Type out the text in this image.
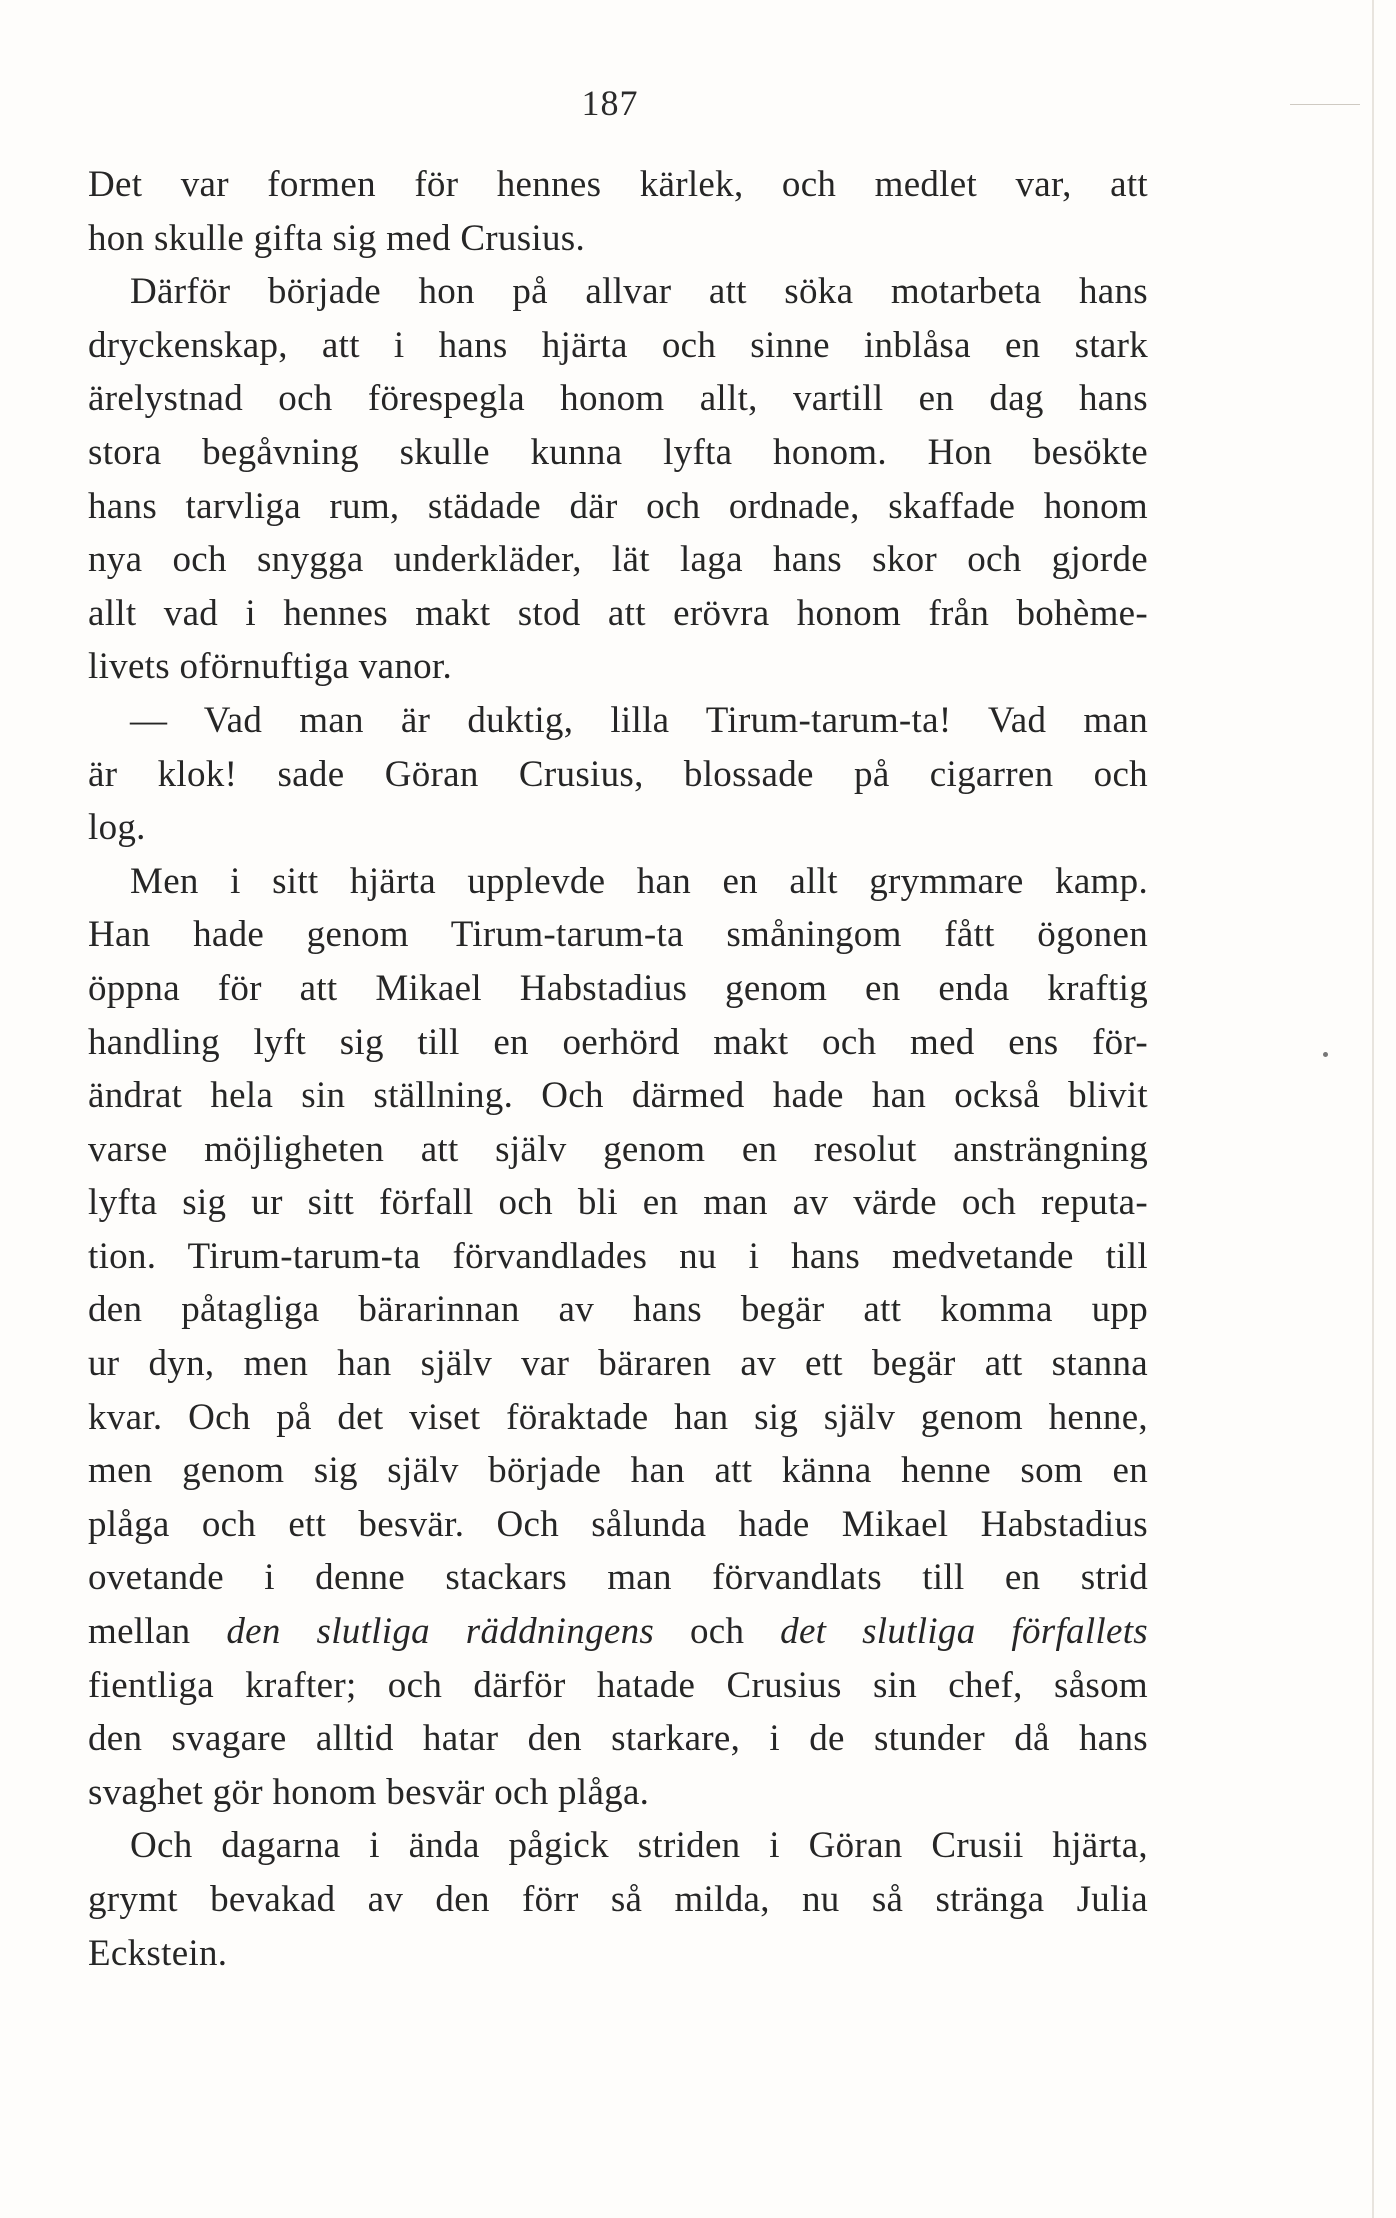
187
Det var formen för hennes kärlek, och medlet var, att
hon skulle gifta sig med Crusius.
Därför började hon på allvar att söka motarbeta hans
dryckenskap, att i hans hjärta och sinne inblåsa en stark
ärelystnad och förespegla honom allt, vartill en dag hans
stora begåvning skulle kunna lyfta honom. Hon besökte
hans tarvliga rum, städade där och ordnade, skaffade honom
nya och snygga underkläder, lät laga hans skor och gjorde
allt vad i hennes makt stod att erövra honom från bohème-
livets oförnuftiga vanor.
— Vad man är duktig, lilla Tirum-tarum-ta! Vad man
är klok! sade Göran Crusius, blossade på cigarren och
log.
Men i sitt hjärta upplevde han en allt grymmare kamp.
Han hade genom Tirum-tarum-ta småningom fått ögonen
öppna för att Mikael Habstadius genom en enda kraftig
handling lyft sig till en oerhörd makt och med ens för-
ändrat hela sin ställning. Och därmed hade han också blivit
varse möjligheten att själv genom en resolut ansträngning
lyfta sig ur sitt förfall och bli en man av värde och reputa-
tion. Tirum-tarum-ta förvandlades nu i hans medvetande till
den påtagliga bärarinnan av hans begär att komma upp
ur dyn, men han själv var bäraren av ett begär att stanna
kvar. Och på det viset föraktade han sig själv genom henne,
men genom sig själv började han att känna henne som en
plåga och ett besvär. Och sålunda hade Mikael Habstadius
ovetande i denne stackars man förvandlats till en strid
mellan den slutliga räddningens och det slutliga förfallets
fientliga krafter; och därför hatade Crusius sin chef, såsom
den svagare alltid hatar den starkare, i de stunder då hans
svaghet gör honom besvär och plåga.
Och dagarna i ända pågick striden i Göran Crusii hjärta,
grymt bevakad av den förr så milda, nu så stränga Julia
Eckstein.
